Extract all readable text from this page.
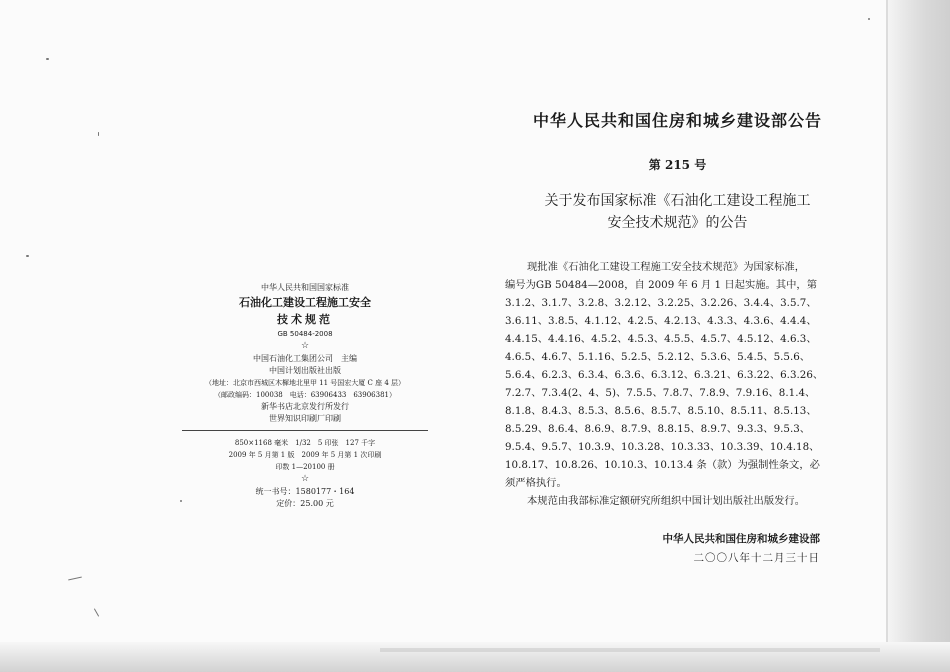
中华人民共和国国家标准
石油化工建设工程施工安全
技术规范
GB 50484-2008
☆
中国石油化工集团公司　主编
中国计划出版社出版
（地址：北京市西城区木樨地北里甲 11 号国宏大厦 C 座 4 层）
（邮政编码：100038　电话：63906433　63906381）
新华书店北京发行所发行
世界知识印刷厂印刷
850×1168 毫米　1/32　5 印张　127 千字
2009 年 5 月第 1 版　2009 年 5 月第 1 次印刷
印数 1—20100 册
☆
统一书号：1580177・164
定价：25.00 元
中华人民共和国住房和城乡建设部公告
第 215 号
关于发布国家标准《石油化工建设工程施工
安全技术规范》的公告
现批准《石油化工建设工程施工安全技术规范》为国家标准，
编号为GB 50484—2008，自 2009 年 6 月 1 日起实施。其中，第
3.1.2、3.1.7、3.2.8、3.2.12、3.2.25、3.2.26、3.4.4、3.5.7、
3.6.11、3.8.5、4.1.12、4.2.5、4.2.13、4.3.3、4.3.6、4.4.4、
4.4.15、4.4.16、4.5.2、4.5.3、4.5.5、4.5.7、4.5.12、4.6.3、
4.6.5、4.6.7、5.1.16、5.2.5、5.2.12、5.3.6、5.4.5、5.5.6、
5.6.4、6.2.3、6.3.4、6.3.6、6.3.12、6.3.21、6.3.22、6.3.26、
7.2.7、7.3.4(2、4、5)、7.5.5、7.8.7、7.8.9、7.9.16、8.1.4、
8.1.8、8.4.3、8.5.3、8.5.6、8.5.7、8.5.10、8.5.11、8.5.13、
8.5.29、8.6.4、8.6.9、8.7.9、8.8.15、8.9.7、9.3.3、9.5.3、
9.5.4、9.5.7、10.3.9、10.3.28、10.3.33、10.3.39、10.4.18、
10.8.17、10.8.26、10.10.3、10.13.4 条（款）为强制性条文，必
须严格执行。
本规范由我部标准定额研究所组织中国计划出版社出版发行。
中华人民共和国住房和城乡建设部
二〇〇八年十二月三十日
